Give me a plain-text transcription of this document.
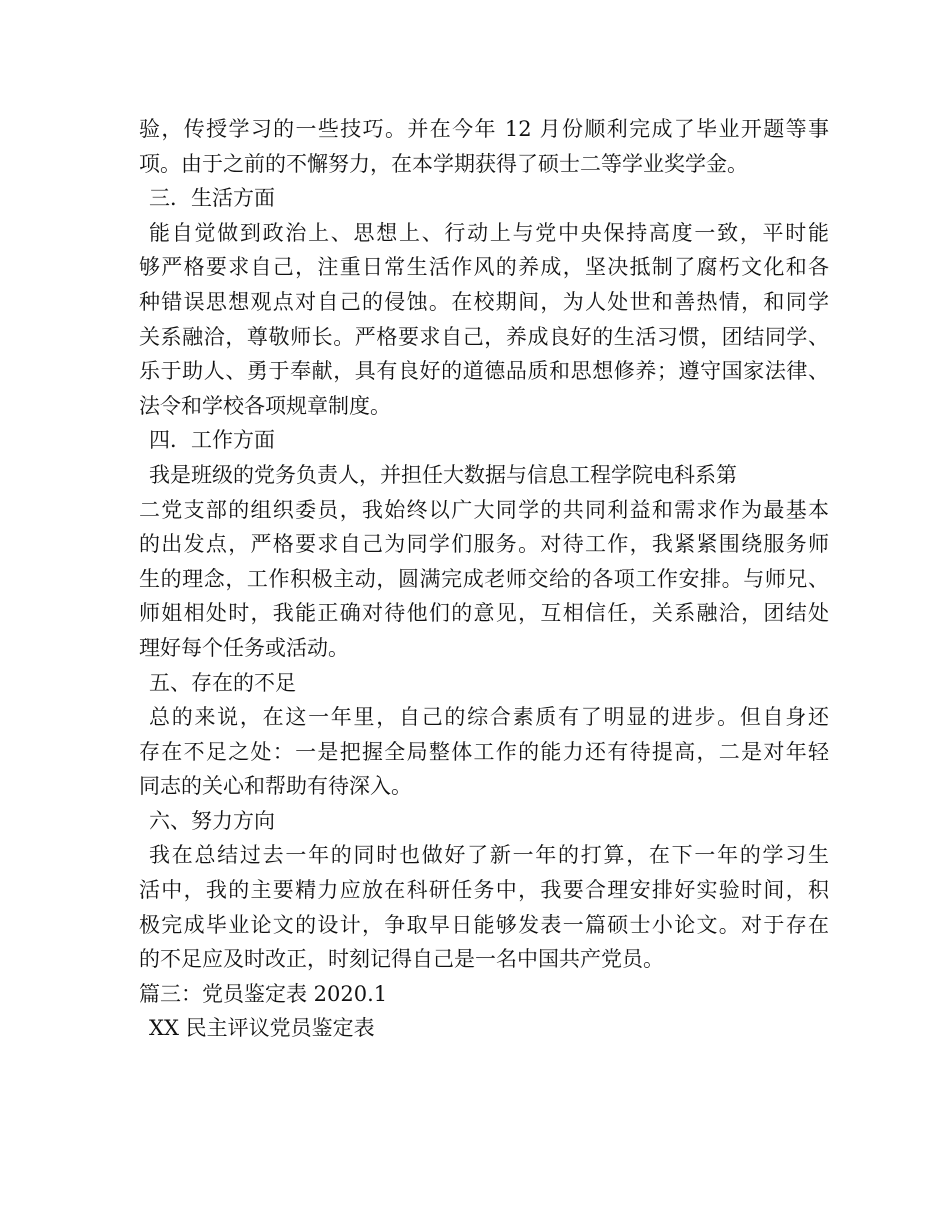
验，传授学习的一些技巧。并在今年 12 月份顺利完成了毕业开题等事
项。由于之前的不懈努力，在本学期获得了硕士二等学业奖学金。
三．生活方面
能自觉做到政治上、思想上、行动上与党中央保持高度一致，平时能
够严格要求自己，注重日常生活作风的养成，坚决抵制了腐朽文化和各
种错误思想观点对自己的侵蚀。在校期间，为人处世和善热情，和同学
关系融洽，尊敬师长。严格要求自己，养成良好的生活习惯，团结同学、
乐于助人、勇于奉献，具有良好的道德品质和思想修养；遵守国家法律、
法令和学校各项规章制度。
四．工作方面
我是班级的党务负责人，并担任大数据与信息工程学院电科系第
二党支部的组织委员，我始终以广大同学的共同利益和需求作为最基本
的出发点，严格要求自己为同学们服务。对待工作，我紧紧围绕服务师
生的理念，工作积极主动，圆满完成老师交给的各项工作安排。与师兄、
师姐相处时，我能正确对待他们的意见，互相信任，关系融洽，团结处
理好每个任务或活动。
五、存在的不足
总的来说，在这一年里，自己的综合素质有了明显的进步。但自身还
存在不足之处：一是把握全局整体工作的能力还有待提高，二是对年轻
同志的关心和帮助有待深入。
六、努力方向
我在总结过去一年的同时也做好了新一年的打算，在下一年的学习生
活中，我的主要精力应放在科研任务中，我要合理安排好实验时间，积
极完成毕业论文的设计，争取早日能够发表一篇硕士小论文。对于存在
的不足应及时改正，时刻记得自己是一名中国共产党员。
篇三：党员鉴定表 2020.1
XX 民主评议党员鉴定表
